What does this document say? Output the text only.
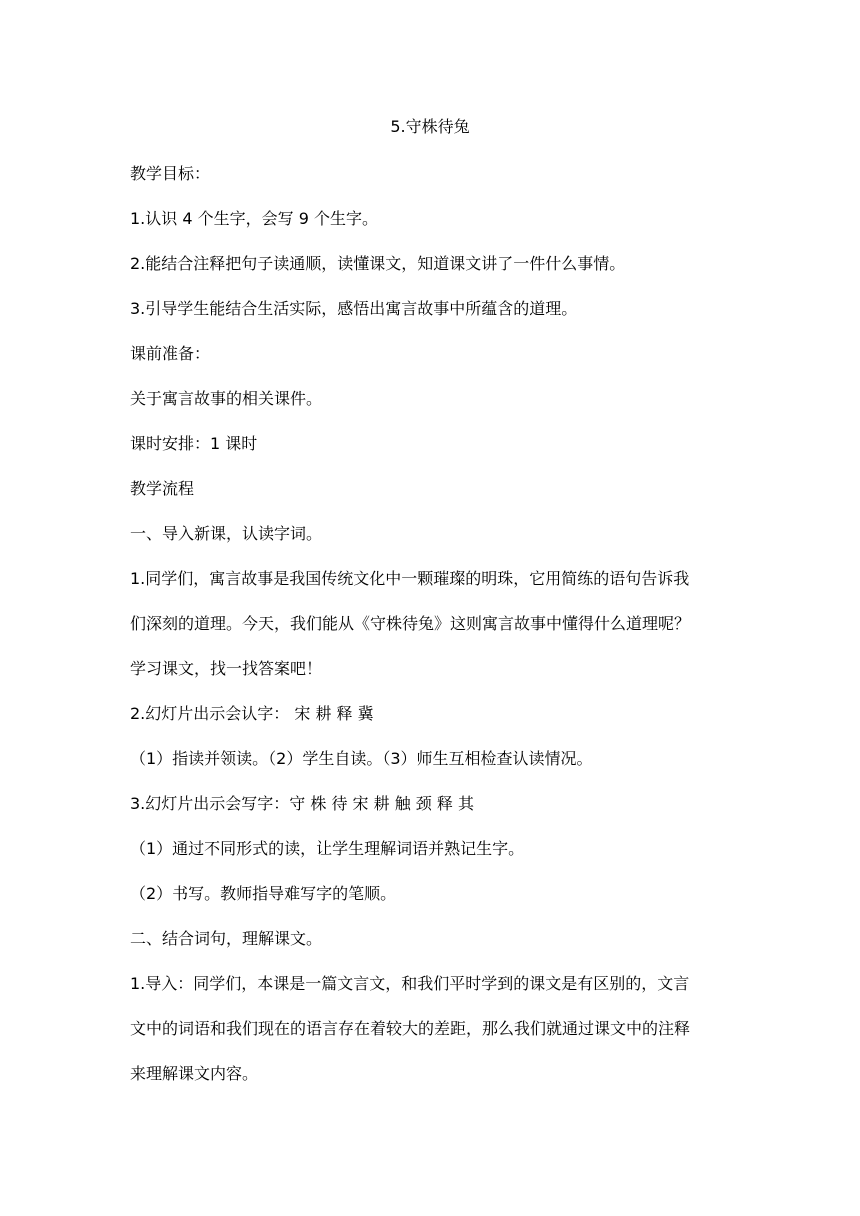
5.守株待兔
教学目标：
1.认识 4 个生字，会写 9 个生字。
2.能结合注释把句子读通顺，读懂课文，知道课文讲了一件什么事情。
3.引导学生能结合生活实际，感悟出寓言故事中所蕴含的道理。
课前准备：
关于寓言故事的相关课件。
课时安排：1 课时
教学流程
一、导入新课，认读字词。
1.同学们，寓言故事是我国传统文化中一颗璀璨的明珠，它用简练的语句告诉我
们深刻的道理。今天，我们能从《守株待兔》这则寓言故事中懂得什么道理呢？
学习课文，找一找答案吧！
2.幻灯片出示会认字： 宋 耕 释 冀
（1）指读并领读。（2）学生自读。（3）师生互相检查认读情况。
3.幻灯片出示会写字：守 株 待 宋 耕 触 颈 释 其
（1）通过不同形式的读，让学生理解词语并熟记生字。
（2）书写。教师指导难写字的笔顺。
二、结合词句，理解课文。
1.导入：同学们，本课是一篇文言文，和我们平时学到的课文是有区别的，文言
文中的词语和我们现在的语言存在着较大的差距，那么我们就通过课文中的注释
来理解课文内容。
